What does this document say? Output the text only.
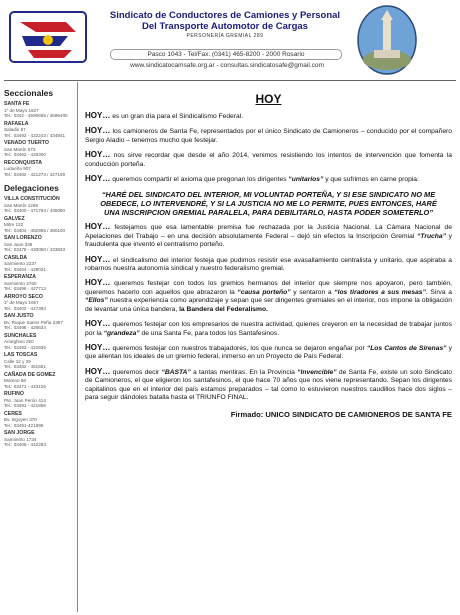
Sindicato de Conductores de Camiones y Personal
Del Transporte Automotor de Cargas
PERSONERÍA GREMIAL 289
Pasco 1043 - Tel/Fax: (0341) 465-8200 - 2000 Rosario
www.sindicatocamsafe.org.ar - consultas.sindicatosafe@gmail.com
Seccionales
SANTA FE
1º de Mayo 1827
Tel.: 0342 - 4590655 / 4596400
RAFAELA
Saladio 57
Tel.: 03492 - 422243 / 434841
VENADO TUERTO
San Martín 573
Tel.: 03462 - 426300
RECONQUISTA
Ludueña 907
Tel.: 03482 - 421273 / 427109
Delegaciones
VILLA CONSTITUCIÓN
San Martín 1269
Tel.: 03400 - 471794 / 435080
GALVEZ
Mitre 132
Tel.: 03404 - 482955 / 480100
SAN LORENZO
San Juan 336
Tel.: 03476 - 430050 / 433833
CASILDA
Sarmiento 2237
Tel.: 03464 - 429031
ESPERANZA
Sarmiento 2760
Tel.: 03496 - 427713
ARROYO SECO
1º de Mayo 1657
Tel.: 03402 - 427393
SAN JUSTO
Bv. Roque Saenz Peña 2387
Tel.: 03498 - 426634
SUNCHALES
Ameghino 260
Tel.: 03493 - 422935
LAS TOSCAS
Calle 12 y 29
Tel.: 03482 - 451551
CAÑADA DE GOMEZ
Moreno 58
Tel.: 03471 - 423126
RUFINO
Pte. Juan Perón 414
Tel.: 03491 - 421856
CERES
Bv. Irigoyen 370
Tel.: 03491-421896
SAN JORGE
Sarmiento 1734
Tel.: 03406 - 442283
HOY

HOY… es un gran día para el Sindicalismo Federal.

HOY… los camioneros de Santa Fe, representados por el único Sindicato de Camioneros – conducido por el compañero Sergio Aladio – tenemos mucho que festejar.

HOY… nos sirve recordar que desde el año 2014, venimos resistiendo los intentos de intervención que fomenta la conducción porteña.

HOY… queremos compartir el axioma que pregonan los dirigentes “unitarios” y que sufrimos en carne propia:

“HARÉ DEL SINDICATO DEL INTERIOR, MI VOLUNTAD PORTEÑA, Y SI ESE SINDICATO NO ME OBEDECE, LO INTERVENDRÉ, Y SI LA JUSTICIA NO ME LO PERMITE, PUES ENTONCES, HARÉ UNA INSCRIPCION GREMIAL PARALELA, PARA DEBILITARLO, HASTA PODER SOMETERLO”

HOY… festejamos que esa lamentable premisa fue rechazada por la Justicia Nacional. La Cámara Nacional de Apelaciones del Trabajo – en una decisión absolutamente Federal – dejó sin efectos la Inscripción Gremial “Trucha” y fraudulenta que inventó el centralismo porteño.

HOY… el sindicalismo del interior festeja que pudimos resistir ese avasallamiento centralista y unitario, que aspiraba a robarnos nuestra autonomía sindical y nuestro federalismo gremial.

HOY… queremos festejar con todos los gremios hermanos del interior que siempre nos apoyaron, pero también, queremos hacerlo con aquellos que abrazaron la “causa porteño” y sentaron a “los tiradores a sus mesas”. Sirva a “Ellos” nuestra experiencia como aprendizaje y sepan que ser dirigentes gremiales en el interior, nos impone la obligación de levantar una única bandera, la Bandera del Federalismo.

HOY… queremos festejar con los empresarios de nuestra actividad, quienes creyeron en la necesidad de trabajar juntos por la “grandeza” de una Santa Fe, para todos los Santafesinos.

HOY… queremos festejar con nuestros trabajadores, los que nunca se dejaron engañar por “Los Cantos de Sirenas” y que alientan los ideales de un gremio federal, inmerso en un Proyecto de País Federal.

HOY… queremos decir “BASTA” a tantas mentiras. En la Provincia “Invencible” de Santa Fe, existe un solo Sindicato de Camioneros, el que eligieron los santafesinos, el que hace 70 años que nos viene representando. Sepan los dirigentes capitalinos que en el interior del país estamos preparados – tal como lo estuvieron nuestros caudillos hace dos siglos – para seguir dándoles batalla hasta el TRIUNFO FINAL.

Firmado: UNICO SINDICATO DE CAMIONEROS DE SANTA FE
